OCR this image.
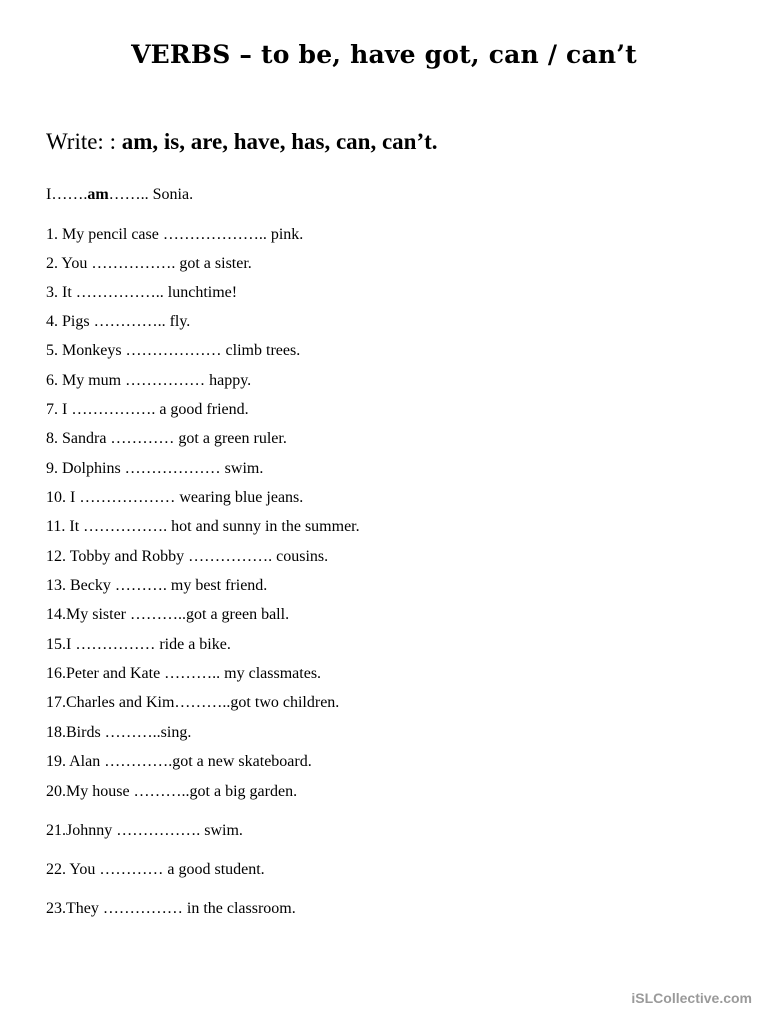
VERBS – to be, have got, can / can’t

Write: : am, is, are, have, has, can, can’t.

I…….am…….. Sonia.

1. My pencil case ……………….. pink.

2. You ……………. got a sister.

3. It …………….. lunchtime!

4. Pigs ………….. fly.

5. Monkeys ……………… climb trees.

6. My mum …………… happy.

7. I ……………. a good friend.

8. Sandra ………… got a green ruler.

9. Dolphins ……………… swim.

10. I ……………… wearing blue jeans.

11. It ……………. hot and sunny in the summer.

12. Tobby and Robby ……………. cousins.

13. Becky ………. my best friend.

14.My sister ………..got a green ball.

15.I …………… ride a bike.

16.Peter and Kate ……….. my classmates.

17.Charles and Kim………..got two children.

18.Birds ………..sing.

19. Alan ………….got a new skateboard.

20.My house ………..got a big garden.

21.Johnny ……………. swim.

22. You ………… a good student.

23.They …………… in the classroom.

iSLCollective.com
